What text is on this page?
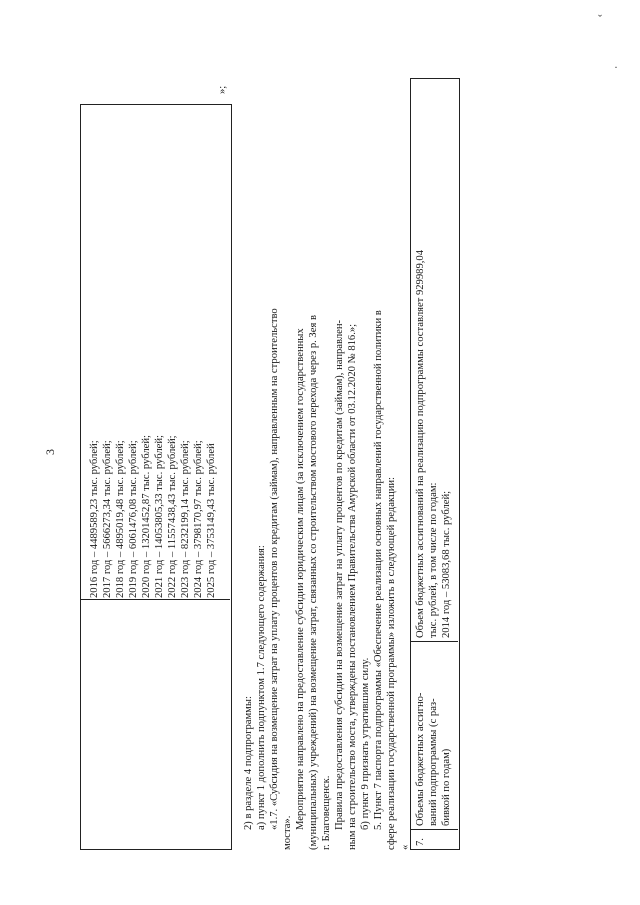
ˇ
·
3	2016 год – 4489589,23 тыс. рублей; 2017 год – 5666273,34 тыс. рублей; 2018 год – 4895019,48 тыс. рублей; 2019 год – 6061476,08 тыс. рублей; 2020 год – 13201452,87 тыс. рублей; 2021 год – 14053805,33 тыс. рублей; 2022 год – 11557438,43 тыс. рублей; 2023 год – 8232199,14 тыс. рублей; 2024 год – 3798170,97 тыс. рублей; 2025 год – 3753149,43 тыс. рублей
»;
2) в разделе 4 подпрограммы: а) пункт 1 дополнить подпунктом 1.7 следующего содержания: «1.7. «Субсидия на возмещение затрат на уплату процентов по кредитам (займам), направленным на строительство
моста».
Мероприятие направлено на предоставление субсидии юридическим лицам (за исключением государственных (муниципальных) учреждений) на возмещение затрат, связанных со строительством мостового перехода через р. Зея в г. Благовещенск. Правила предоставления субсидии на возмещение затрат на уплату процентов по кредитам (займам), направлен- ным на строительство моста, утверждены постановлением Правительства Амурской области от 03.12.2020 № 816.»; б) пункт 9 признать утратившим силу. 5. Пункт 7 паспорта подпрограммы «Обеспечение реализации основных направлений государственной политики в сфере реализации государственной программы» изложить в следующей редакции: «
7.
Объемы бюджетных ассигно- ваний подпрограммы (с раз- бивкой по годам)
Объем бюджетных ассигнований на реализацию подпрограммы составляет 929989,04 тыс. рублей, в том числе по годам: 2014 год – 53083,68 тыс. рублей;
